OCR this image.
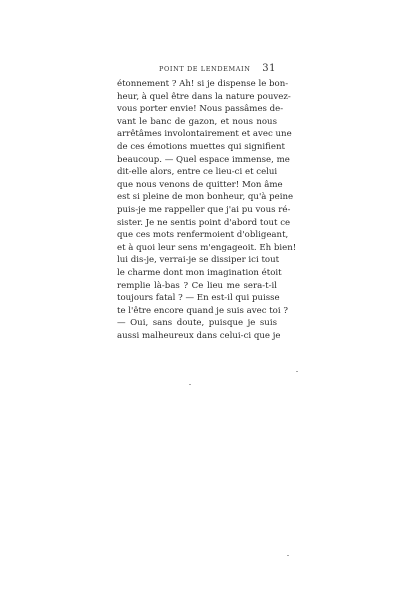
POINT DE LENDEMAIN 31
étonnement ? Ah! si je dispense le bon-
heur, à quel être dans la nature pouvez-
vous porter envie! Nous passâmes de-
vant le banc de gazon, et nous nous
arrêtâmes involontairement et avec une
de ces émotions muettes qui signifient
beaucoup. — Quel espace immense, me
dit-elle alors, entre ce lieu-ci et celui
que nous venons de quitter! Mon âme
est si pleine de mon bonheur, qu'à peine
puis-je me rappeller que j'ai pu vous ré-
sister. Je ne sentis point d'abord tout ce
que ces mots renfermoient d'obligeant,
et à quoi leur sens m'engageoit. Eh bien!
lui dis-je, verrai-je se dissiper ici tout
le charme dont mon imagination étoit
remplie là-bas ? Ce lieu me sera-t-il
toujours fatal ? — En est-il qui puisse
te l'être encore quand je suis avec toi ?
— Oui, sans doute, puisque je suis
aussi malheureux dans celui-ci que je
